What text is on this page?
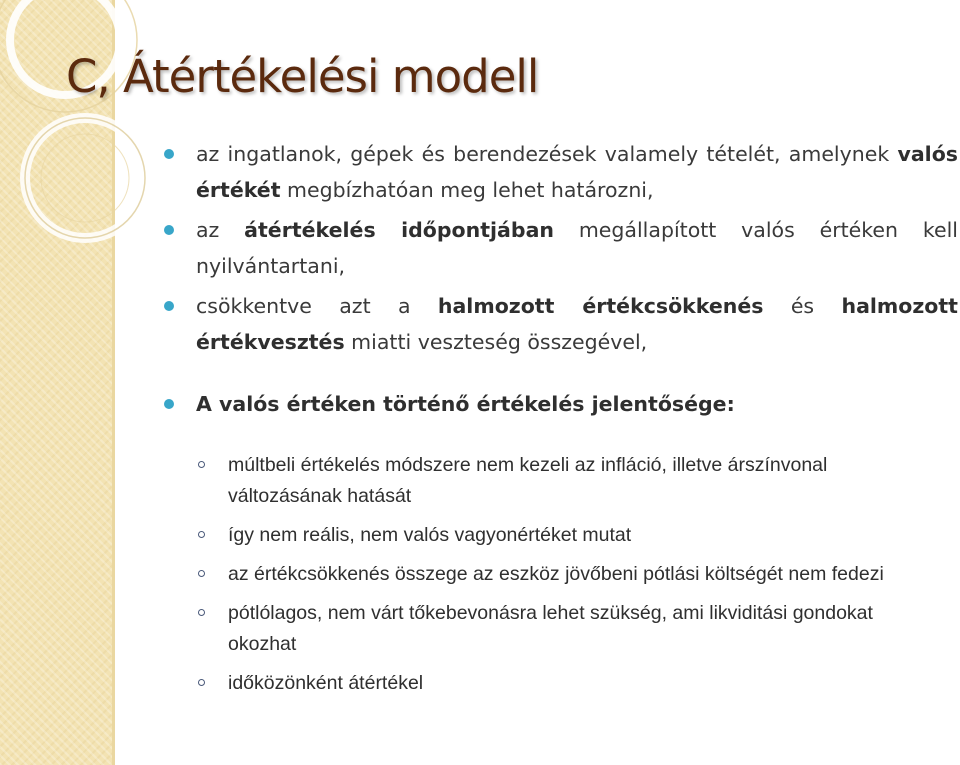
C, Átértékelési modell
az ingatlanok, gépek és berendezések valamely tételét, amelynek valós értékét megbízhatóan meg lehet határozni,
az átértékelés időpontjában megállapított valós értéken kell nyilvántartani,
csökkentve azt a halmozott értékcsökkenés és halmozott értékvesztés miatti veszteség összegével,
A valós értéken történő értékelés jelentősége:
múltbeli értékelés módszere nem kezeli az infláció, illetve árszínvonal változásának hatását
így nem reális, nem valós vagyonértéket mutat
az értékcsökkenés összege az eszköz jövőbeni pótlási költségét nem fedezi
pótlólagos, nem várt tőkebevonásra lehet szükség, ami likviditási gondokat okozhat
időközönként átértékel
